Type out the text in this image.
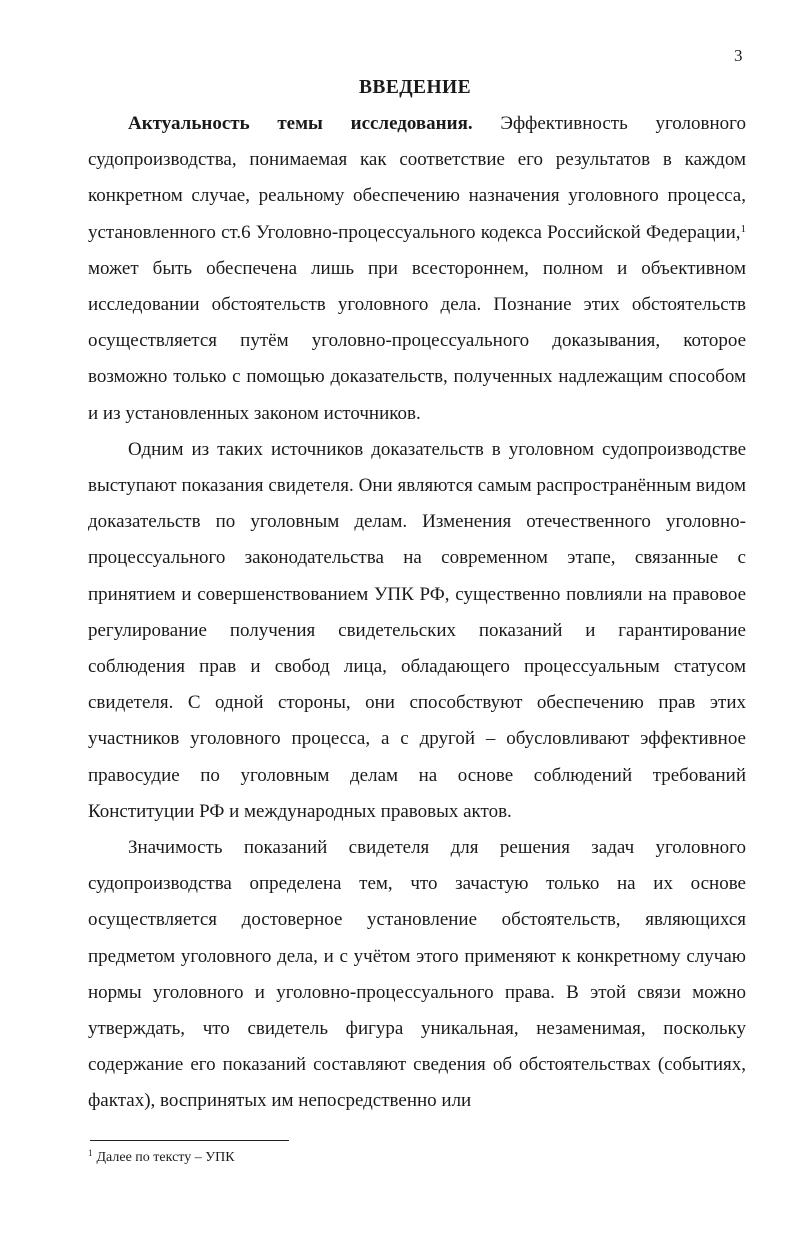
3
ВВЕДЕНИЕ

Актуальность темы исследования. Эффективность уголовного судопроизводства, понимаемая как соответствие его результатов в каждом конкретном случае, реальному обеспечению назначения уголовного процесса, установленного ст.6 Уголовно-процессуального кодекса Российской Федерации,$^1$ может быть обеспечена лишь при всестороннем, полном и объективном исследовании обстоятельств уголовного дела. Познание этих обстоятельств осуществляется путём уголовно-процессуального доказывания, которое возможно только с помощью доказательств, полученных надлежащим способом и из установленных законом источников.

Одним из таких источников доказательств в уголовном судопроизводстве выступают показания свидетеля. Они являются самым распространённым видом доказательств по уголовным делам. Изменения отечественного уголовно-процессуального законодательства на современном этапе, связанные с принятием и совершенствованием УПК РФ, существенно повлияли на правовое регулирование получения свидетельских показаний и гарантирование соблюдения прав и свобод лица, обладающего процессуальным статусом свидетеля. С одной стороны, они способствуют обеспечению прав этих участников уголовного процесса, а с другой – обусловливают эффективное правосудие по уголовным делам на основе соблюдений требований Конституции РФ и международных правовых актов.

Значимость показаний свидетеля для решения задач уголовного судопроизводства определена тем, что зачастую только на их основе осуществляется достоверное установление обстоятельств, являющихся предметом уголовного дела, и с учётом этого применяют к конкретному случаю нормы уголовного и уголовно-процессуального права. В этой связи можно утверждать, что свидетель фигура уникальная, незаменимая, поскольку содержание его показаний составляют сведения об обстоятельствах (событиях, фактах), воспринятых им непосредственно или

$^1$ Далее по тексту – УПК
